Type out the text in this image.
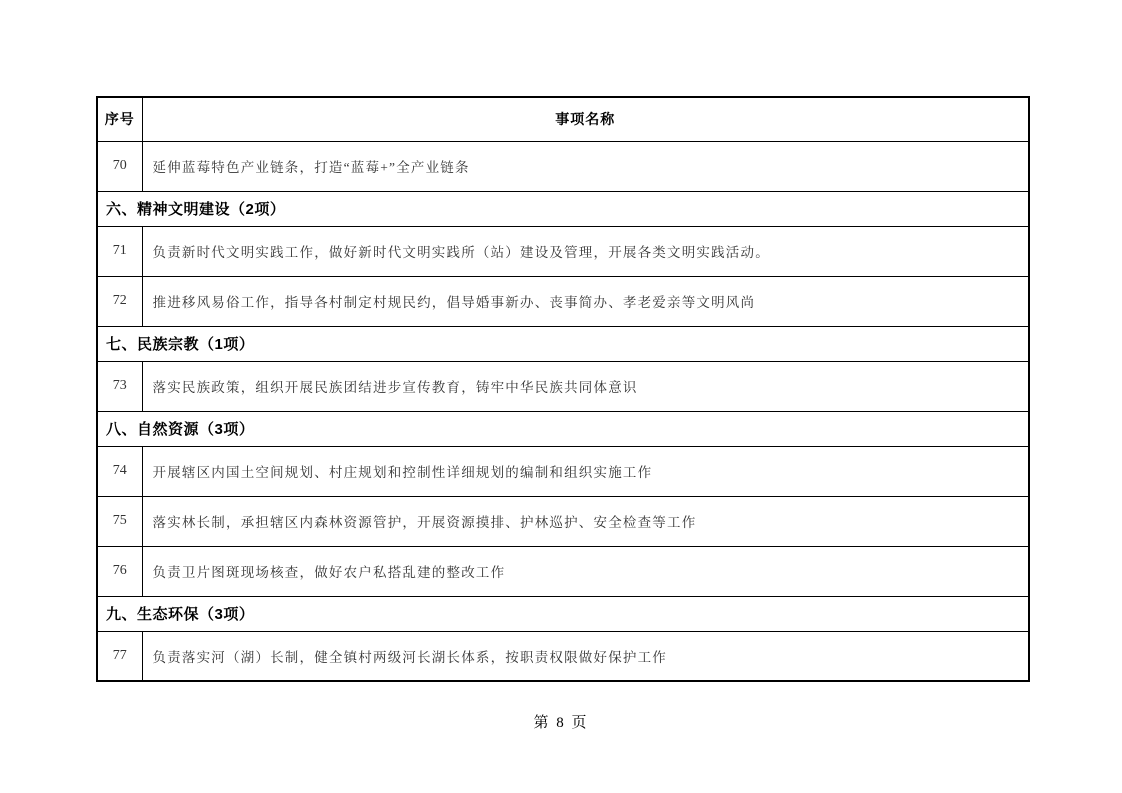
序号	事项名称
70	延伸蓝莓特色产业链条，打造“蓝莓+”全产业链条
六、精神文明建设（2项）	
71	负责新时代文明实践工作，做好新时代文明实践所（站）建设及管理，开展各类文明实践活动。
72	推进移风易俗工作，指导各村制定村规民约，倡导婚事新办、丧事简办、孝老爱亲等文明风尚
七、民族宗教（1项）	
73	落实民族政策，组织开展民族团结进步宣传教育，铸牢中华民族共同体意识
八、自然资源（3项）	
74	开展辖区内国土空间规划、村庄规划和控制性详细规划的编制和组织实施工作
75	落实林长制，承担辖区内森林资源管护，开展资源摸排、护林巡护、安全检查等工作
76	负责卫片图斑现场核查，做好农户私搭乱建的整改工作
九、生态环保（3项）	
77	负责落实河（湖）长制，健全镇村两级河长湖长体系，按职责权限做好保护工作
第 8 页
